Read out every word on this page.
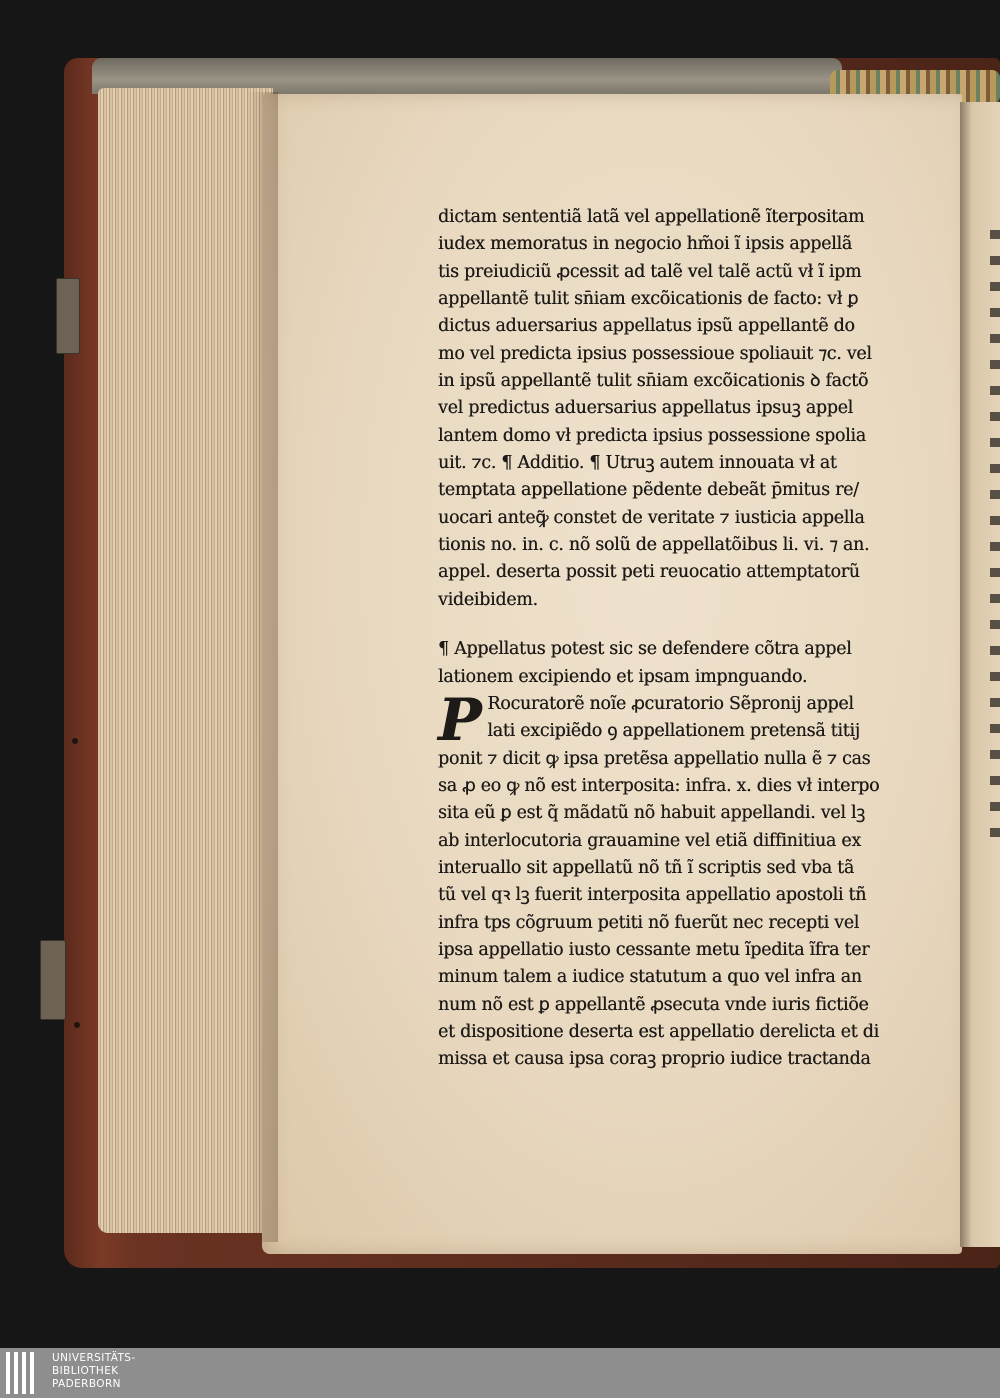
dictam sententiã latã vel appellationẽ ĩterpositam
iudex memoratus in negocio hm̃oi ĩ ipsis appellã
tis preiudiciũ ꝓcessit ad talẽ vel talẽ actũ vł ĩ ipm
appellantẽ tulit sn̄iam excõicationis de facto: vł ꝑ
dictus aduersarius appellatus ipsũ appellantẽ do
mo vel predicta ipsius possessioue spoliauit ⁊c. vel
in ipsũ appellantẽ tulit sn̄iam excõicationis ꝺ factõ
vel predictus aduersarius appellatus ipsuꝫ appel
lantem domo vł predicta ipsius possessione spolia
uit. ⁊c. ¶ Additio. ¶ Utruꝫ autem innouata vł at
temptata appellatione pẽdente debeãt p̄mitus re/
uocari anteꝙ̃ constet de veritate ⁊ iusticia appella
tionis no. in. c. nõ solũ de appellatõibus li. vi. ⁊ an.
appel. deserta possit peti reuocatio attemptatorũ
videibidem.
¶ Appellatus potest sic se defendere cõtra appel
lationem excipiendo et ipsam impnguando.
P Rocuratorẽ noĩe ꝓcuratorio Sẽpronij appel
lati excipiẽdo ꝯ appellationem pretensã titij
ponit ⁊ dicit ꝙ ipsa pretẽsa appellatio nulla ẽ ⁊ cas
sa ꝓ eo ꝙ nõ est interposita: infra. x. dies vł interpo
sita eũ ꝑ est q̃ mãdatũ nõ habuit appellandi. vel lꝫ
ab interlocutoria grauamine vel etiã diffinitiua ex
interuallo sit appellatũ nõ tñ ĩ scriptis sed vba tã
tũ vel qꝛ lꝫ fuerit interposita appellatio apostoli tñ
infra tps cõgruum petiti nõ fuerũt nec recepti vel
ipsa appellatio iusto cessante metu ĩpedita ĩfra ter
minum talem a iudice statutum a quo vel infra an
num nõ est ꝑ appellantẽ ꝓsecuta vnde iuris fictiõe
et dispositione deserta est appellatio derelicta et di
missa et causa ipsa coraꝫ proprio iudice tractanda
UNIVERSITÄTS-
BIBLIOTHEK
PADERBORN
